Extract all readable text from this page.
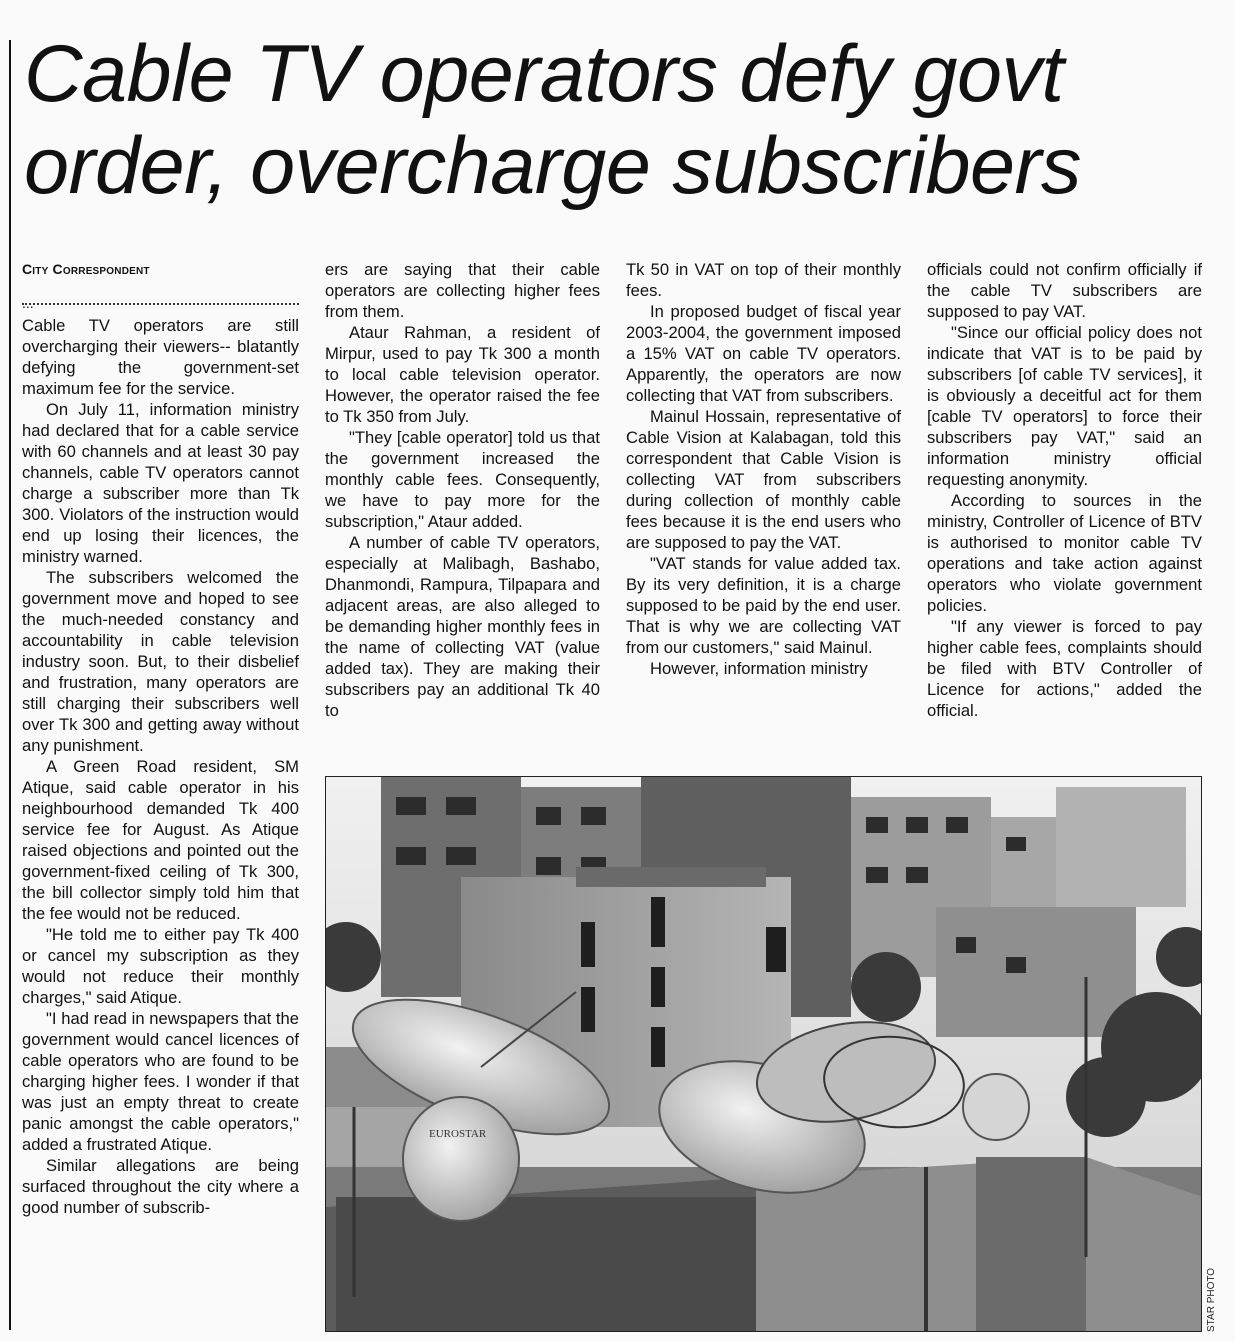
Cable TV operators defy govt order, overcharge subscribers
City Correspondent
...

Cable TV operators are still overcharging their viewers-- blatantly defying the government-set maximum fee for the service.

On July 11, information ministry had declared that for a cable service with 60 channels and at least 30 pay channels, cable TV operators cannot charge a subscriber more than Tk 300. Violators of the instruction would end up losing their licences, the ministry warned.

The subscribers welcomed the government move and hoped to see the much-needed constancy and accountability in cable television industry soon. But, to their disbelief and frustration, many operators are still charging their subscribers well over Tk 300 and getting away without any punishment.

A Green Road resident, SM Atique, said cable operator in his neighbourhood demanded Tk 400 service fee for August. As Atique raised objections and pointed out the government-fixed ceiling of Tk 300, the bill collector simply told him that the fee would not be reduced.

"He told me to either pay Tk 400 or cancel my subscription as they would not reduce their monthly charges," said Atique.

"I had read in newspapers that the government would cancel licences of cable operators who are found to be charging higher fees. I wonder if that was just an empty threat to create panic amongst the cable operators," added a frustrated Atique.

Similar allegations are being surfaced throughout the city where a good number of subscrib-

ers are saying that their cable operators are collecting higher fees from them.

Ataur Rahman, a resident of Mirpur, used to pay Tk 300 a month to local cable television operator. However, the operator raised the fee to Tk 350 from July.

"They [cable operator] told us that the government increased the monthly cable fees. Consequently, we have to pay more for the subscription," Ataur added.

A number of cable TV operators, especially at Malibagh, Bashabo, Dhanmondi, Rampura, Tilpapara and adjacent areas, are also alleged to be demanding higher monthly fees in the name of collecting VAT (value added tax). They are making their subscribers pay an additional Tk 40 to

Tk 50 in VAT on top of their monthly fees.

In proposed budget of fiscal year 2003-2004, the government imposed a 15% VAT on cable TV operators. Apparently, the operators are now collecting that VAT from subscribers.

Mainul Hossain, representative of Cable Vision at Kalabagan, told this correspondent that Cable Vision is collecting VAT from subscribers during collection of monthly cable fees because it is the end users who are supposed to pay the VAT.

"VAT stands for value added tax. By its very definition, it is a charge supposed to be paid by the end user. That is why we are collecting VAT from our customers," said Mainul.

However, information ministry

officials could not confirm officially if the cable TV subscribers are supposed to pay VAT.

"Since our official policy does not indicate that VAT is to be paid by subscribers [of cable TV services], it is obviously a deceitful act for them [cable TV operators] to force their subscribers pay VAT," said an information ministry official requesting anonymity.

According to sources in the ministry, Controller of Licence of BTV is authorised to monitor cable TV operations and take action against operators who violate government policies.

"If any viewer is forced to pay higher cable fees, complaints should be filed with BTV Controller of Licence for actions," added the official.

EUROSTAR
STAR PHOTO
